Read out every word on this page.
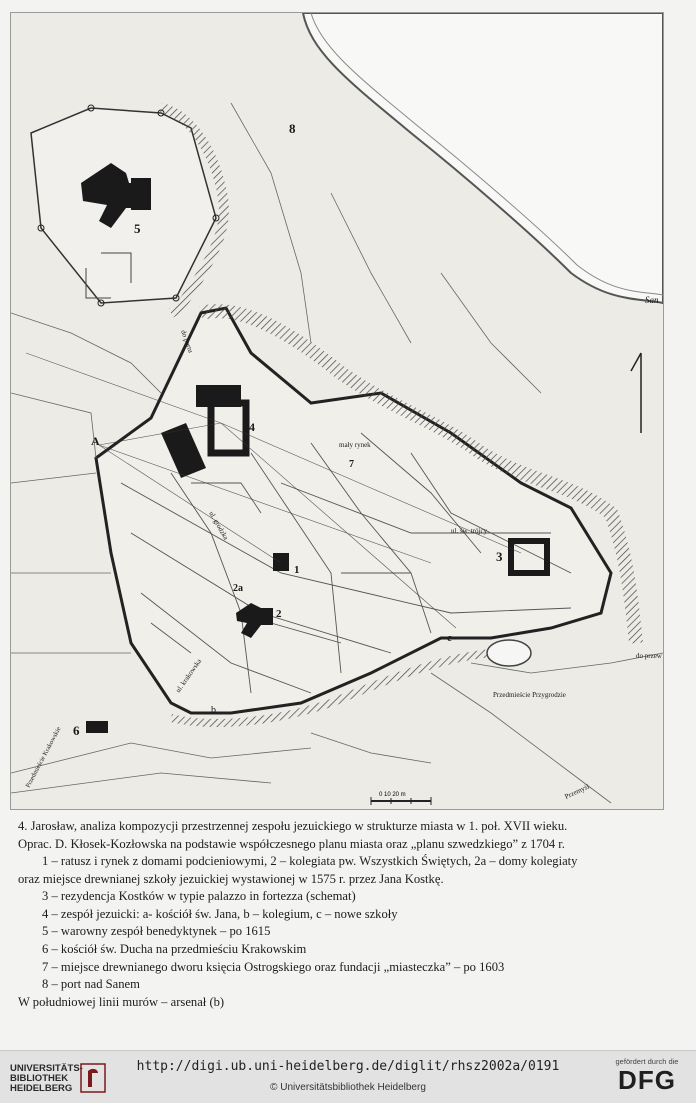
5
8
4
A
1
2
2a
3
6
7
c
b
San
do portu
do przew
mały rynek
ul. św. trójcy
ul. grodzka
ul. krakowska
Przedmieście Krakowskie
Przedmieście Przygrodzie
Przemyśl
0 10 20 m

4. Jarosław, analiza kompozycji przestrzennej zespołu jezuickiego w strukturze miasta w 1. poł. XVII wieku.
Oprac. D. Kłosek-Kozłowska na podstawie współczesnego planu miasta oraz „planu szwedzkiego” z 1704 r.

1 – ratusz i rynek z domami podcieniowymi, 2 – kolegiata pw. Wszystkich Świętych, 2a – domy kolegiaty
oraz miejsce drewnianej szkoły jezuickiej wystawionej w 1575 r. przez Jana Kostkę.
3 – rezydencja Kostków w typie palazzo in fortezza (schemat)
4 – zespół jezuicki: a- kościół św. Jana, b – kolegium, c – nowe szkoły
5 – warowny zespół benedyktynek – po 1615
6 – kościół św. Ducha na przedmieściu Krakowskim
7 – miejsce drewnianego dworu księcia Ostrogskiego oraz fundacji „miasteczka” – po 1603
8 – port nad Sanem
W południowej linii murów – arsenał (b)
UNIVERSITÄTS-
BIBLIOTHEK
HEIDELBERG
http://digi.ub.uni-heidelberg.de/diglit/rhsz2002a/0191
© Universitätsbibliothek Heidelberg
gefördert durch die
DFG
